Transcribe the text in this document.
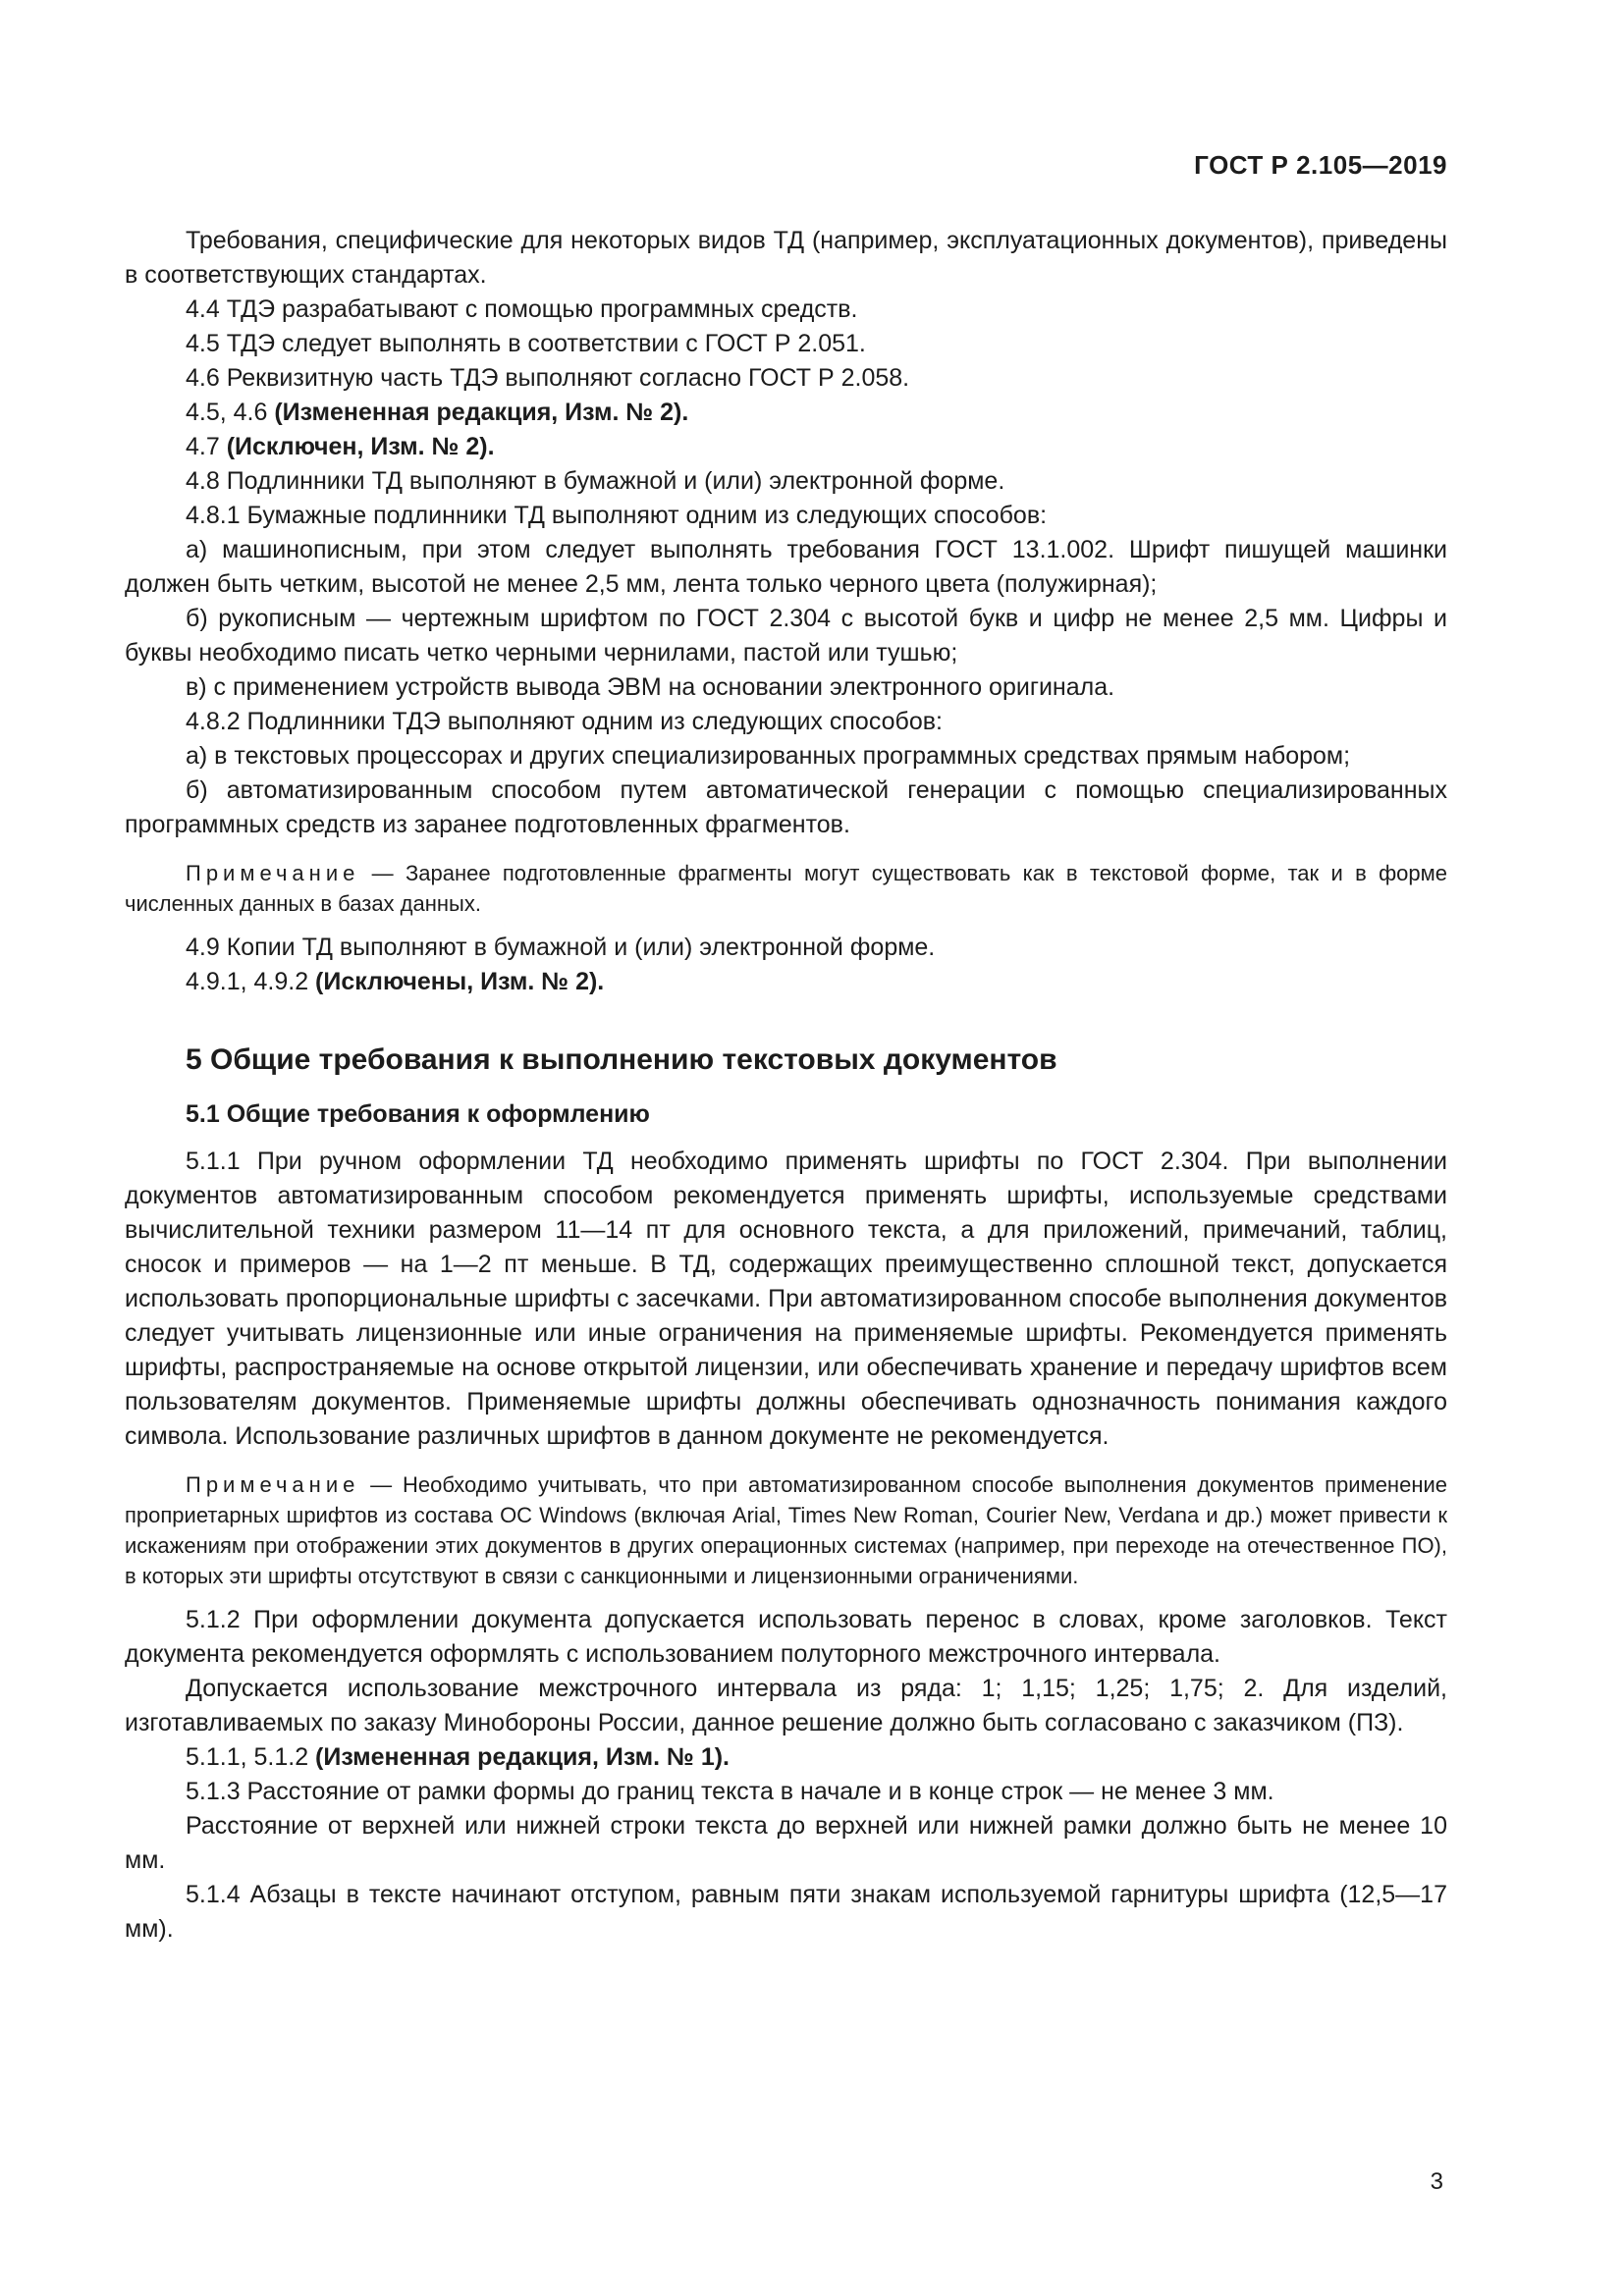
ГОСТ Р 2.105—2019

Требования, специфические для некоторых видов ТД (например, эксплуатационных документов), приведены в соответствующих стандартах.

4.4 ТДЭ разрабатывают с помощью программных средств.

4.5 ТДЭ следует выполнять в соответствии с ГОСТ Р 2.051.

4.6 Реквизитную часть ТДЭ выполняют согласно ГОСТ Р 2.058.

4.5, 4.6 (Измененная редакция, Изм. № 2).

4.7 (Исключен, Изм. № 2).

4.8 Подлинники ТД выполняют в бумажной и (или) электронной форме.

4.8.1 Бумажные подлинники ТД выполняют одним из следующих способов:

а) машинописным, при этом следует выполнять требования ГОСТ 13.1.002. Шрифт пишущей машинки должен быть четким, высотой не менее 2,5 мм, лента только черного цвета (полужирная);

б) рукописным — чертежным шрифтом по ГОСТ 2.304 с высотой букв и цифр не менее 2,5 мм. Цифры и буквы необходимо писать четко черными чернилами, пастой или тушью;

в) с применением устройств вывода ЭВМ на основании электронного оригинала.

4.8.2 Подлинники ТДЭ выполняют одним из следующих способов:

а) в текстовых процессорах и других специализированных программных средствах прямым набором;

б) автоматизированным способом путем автоматической генерации с помощью специализированных программных средств из заранее подготовленных фрагментов.

Примечание — Заранее подготовленные фрагменты могут существовать как в текстовой форме, так и в форме численных данных в базах данных.

4.9 Копии ТД выполняют в бумажной и (или) электронной форме.

4.9.1, 4.9.2 (Исключены, Изм. № 2).

5 Общие требования к выполнению текстовых документов
5.1 Общие требования к оформлению

5.1.1 При ручном оформлении ТД необходимо применять шрифты по ГОСТ 2.304. При выполнении документов автоматизированным способом рекомендуется применять шрифты, используемые средствами вычислительной техники размером 11—14 пт для основного текста, а для приложений, примечаний, таблиц, сносок и примеров — на 1—2 пт меньше. В ТД, содержащих преимущественно сплошной текст, допускается использовать пропорциональные шрифты с засечками. При автоматизированном способе выполнения документов следует учитывать лицензионные или иные ограничения на применяемые шрифты. Рекомендуется применять шрифты, распространяемые на основе открытой лицензии, или обеспечивать хранение и передачу шрифтов всем пользователям документов. Применяемые шрифты должны обеспечивать однозначность понимания каждого символа. Использование различных шрифтов в данном документе не рекомендуется.

Примечание — Необходимо учитывать, что при автоматизированном способе выполнения документов применение проприетарных шрифтов из состава ОС Windows (включая Arial, Times New Roman, Courier New, Verdana и др.) может привести к искажениям при отображении этих документов в других операционных системах (например, при переходе на отечественное ПО), в которых эти шрифты отсутствуют в связи с санкционными и лицензионными ограничениями.

5.1.2 При оформлении документа допускается использовать перенос в словах, кроме заголовков. Текст документа рекомендуется оформлять с использованием полуторного межстрочного интервала.

Допускается использование межстрочного интервала из ряда: 1; 1,15; 1,25; 1,75; 2. Для изделий, изготавливаемых по заказу Минобороны России, данное решение должно быть согласовано с заказчиком (ПЗ).

5.1.1, 5.1.2 (Измененная редакция, Изм. № 1).

5.1.3 Расстояние от рамки формы до границ текста в начале и в конце строк — не менее 3 мм.

Расстояние от верхней или нижней строки текста до верхней или нижней рамки должно быть не менее 10 мм.

5.1.4 Абзацы в тексте начинают отступом, равным пяти знакам используемой гарнитуры шрифта (12,5—17 мм).

3
